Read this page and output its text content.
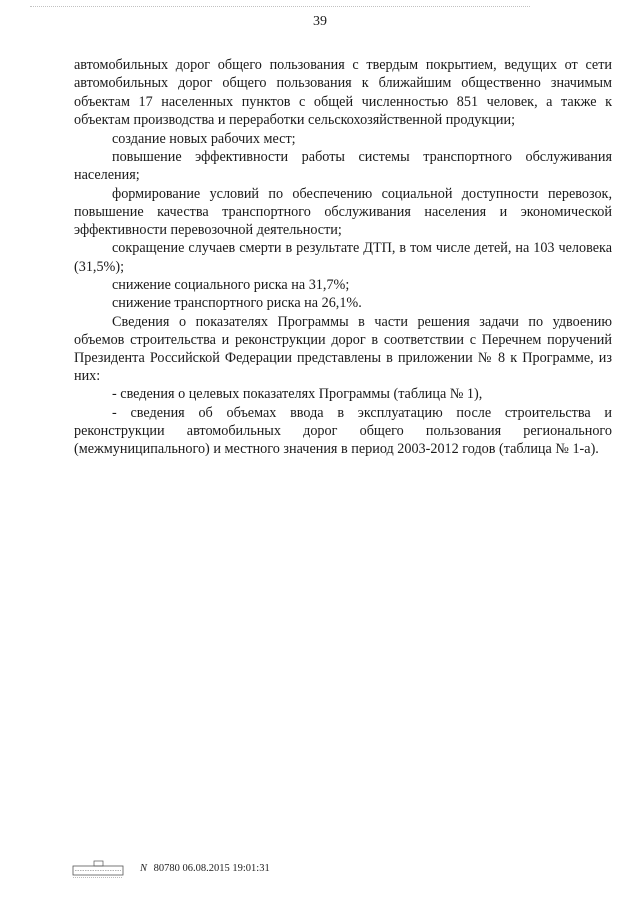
39

автомобильных дорог общего пользования с твердым покрытием, ведущих от сети автомобильных дорог общего пользования к ближайшим общественно значимым объектам 17 населенных пунктов с общей численностью 851 человек, а также к объектам производства и переработки сельскохозяйственной продукции;

создание новых рабочих мест;

повышение эффективности работы системы транспортного обслуживания населения;

формирование условий по обеспечению социальной доступности перевозок, повышение качества транспортного обслуживания населения и экономической эффективности перевозочной деятельности;

сокращение случаев смерти в результате ДТП, в том числе детей, на 103 человека (31,5%);

снижение социального риска на 31,7%;

снижение транспортного риска на 26,1%.

Сведения о показателях Программы в части решения задачи по удвоению объемов строительства и реконструкции дорог в соответствии с Перечнем поручений Президента Российской Федерации представлены в приложении № 8 к Программе, из них:

- сведения о целевых показателях Программы (таблица № 1),

- сведения об объемах ввода в эксплуатацию после строительства и реконструкции автомобильных дорог общего пользования регионального (межмуниципального) и местного значения в период 2003-2012 годов (таблица № 1-а).

N 80780 06.08.2015 19:01:31
